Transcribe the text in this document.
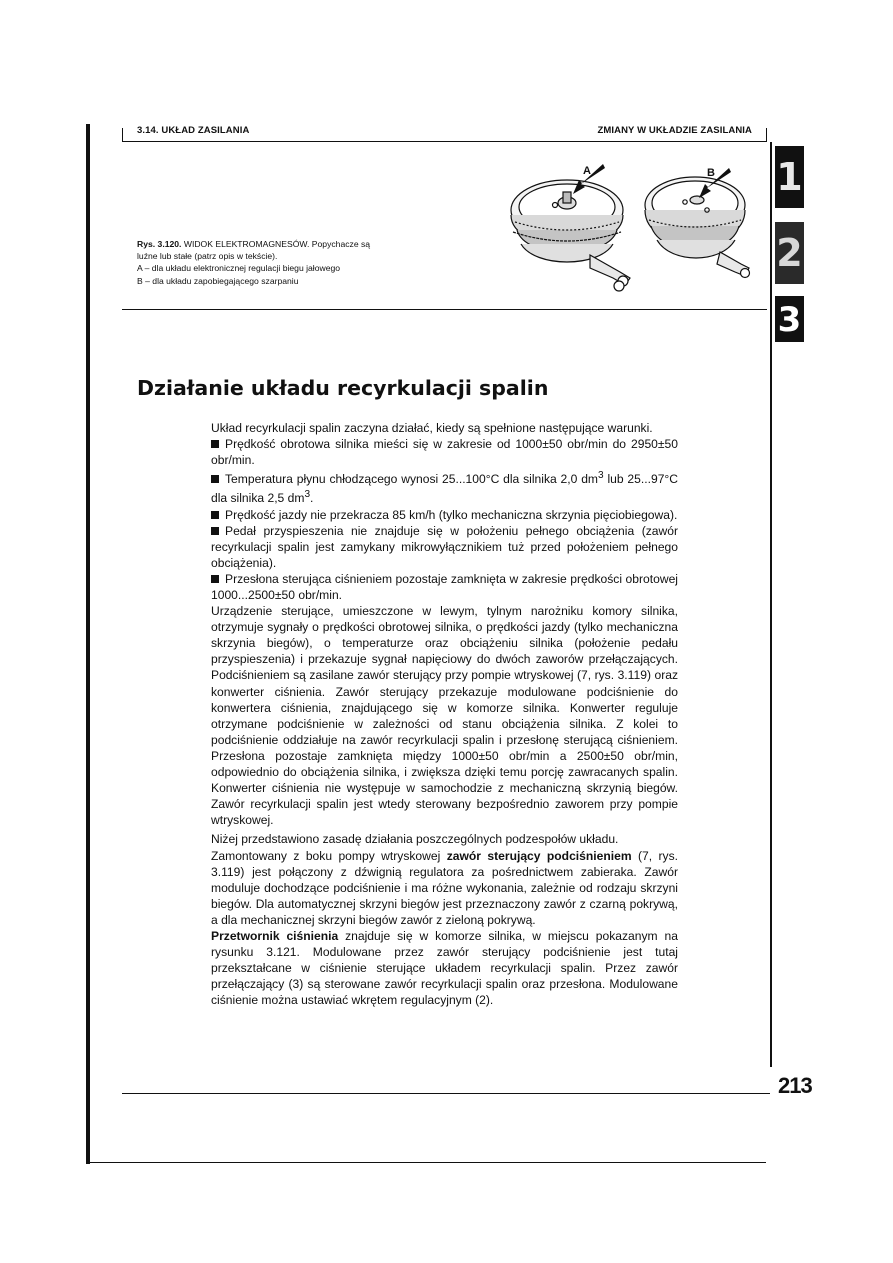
3.14. UKŁAD ZASILANIA	ZMIANY W UKŁADZIE ZASILANIA
1
2
3
A	B
Rys. 3.120. WIDOK ELEKTROMAGNESÓW. Popychacze są
luźne lub stałe (patrz opis w tekście).
A – dla układu elektronicznej regulacji biegu jałowego
B – dla układu zapobiegającego szarpaniu
Działanie układu recyrkulacji spalin

Układ recyrkulacji spalin zaczyna działać, kiedy są spełnione następujące warunki.

Prędkość obrotowa silnika mieści się w zakresie od 1000±50 obr/min do 2950±50 obr/min.

Temperatura płynu chłodzącego wynosi 25...100°C dla silnika 2,0 $dm^3$ lub 25...97°C dla silnika 2,5 $dm^3$.

Prędkość jazdy nie przekracza 85 km/h (tylko mechaniczna skrzynia pięciobiegowa).

Pedał przyspieszenia nie znajduje się w położeniu pełnego obciążenia (zawór recyrkulacji spalin jest zamykany mikrowyłącznikiem tuż przed położeniem pełnego obciążenia).

Przesłona sterująca ciśnieniem pozostaje zamknięta w zakresie prędkości obrotowej 1000...2500±50 obr/min.

Urządzenie sterujące, umieszczone w lewym, tylnym narożniku komory silnika, otrzymuje sygnały o prędkości obrotowej silnika, o prędkości jazdy (tylko mechaniczna skrzynia biegów), o temperaturze oraz obciążeniu silnika (położenie pedału przyspieszenia) i przekazuje sygnał napięciowy do dwóch zaworów przełączających. Podciśnieniem są zasilane zawór sterujący przy pompie wtryskowej (7, rys. 3.119) oraz konwerter ciśnienia. Zawór sterujący przekazuje modulowane podciśnienie do konwertera ciśnienia, znajdującego się w komorze silnika. Konwerter reguluje otrzymane podciśnienie w zależności od stanu obciążenia silnika. Z kolei to podciśnienie oddziałuje na zawór recyrkulacji spalin i przesłonę sterującą ciśnieniem. Przesłona pozostaje zamknięta między 1000±50 obr/min a 2500±50 obr/min, odpowiednio do obciążenia silnika, i zwiększa dzięki temu porcję zawracanych spalin. Konwerter ciśnienia nie występuje w samochodzie z mechaniczną skrzynią biegów. Zawór recyrkulacji spalin jest wtedy sterowany bezpośrednio zaworem przy pompie wtryskowej.

Niżej przedstawiono zasadę działania poszczególnych podzespołów układu.

Zamontowany z boku pompy wtryskowej zawór sterujący podciśnieniem (7, rys. 3.119) jest połączony z dźwignią regulatora za pośrednictwem zabieraka. Zawór moduluje dochodzące podciśnienie i ma różne wykonania, zależnie od rodzaju skrzyni biegów. Dla automatycznej skrzyni biegów jest przeznaczony zawór z czarną pokrywą, a dla mechanicznej skrzyni biegów zawór z zieloną pokrywą.

Przetwornik ciśnienia znajduje się w komorze silnika, w miejscu pokazanym na rysunku 3.121. Modulowane przez zawór sterujący podciśnienie jest tutaj przekształcane w ciśnienie sterujące układem recyrkulacji spalin. Przez zawór przełączający (3) są sterowane zawór recyrkulacji spalin oraz przesłona. Modulowane ciśnienie można ustawiać wkrętem regulacyjnym (2).

213
